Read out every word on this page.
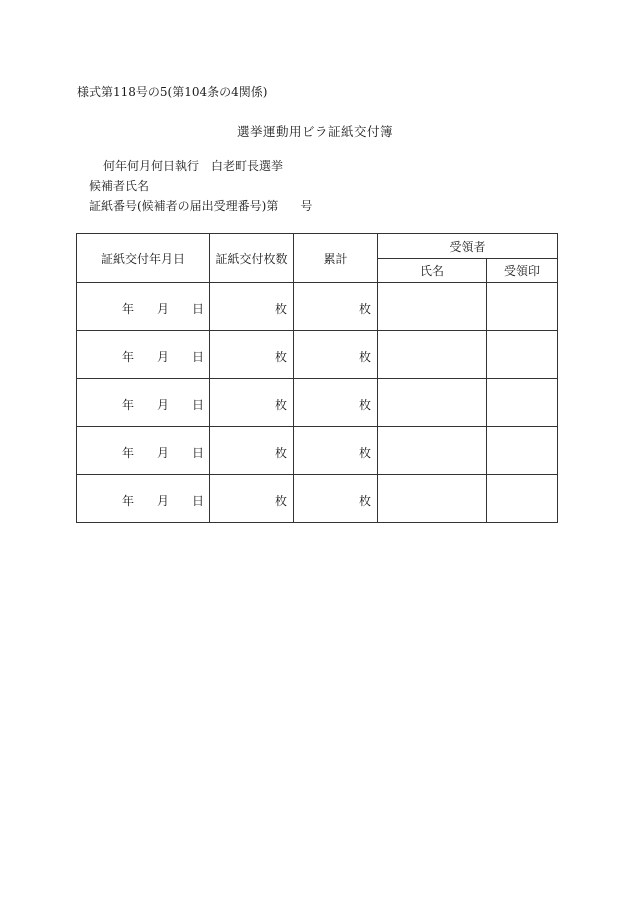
様式第118号の5(第104条の4関係)
選挙運動用ビラ証紙交付簿
何年何月何日執行 白老町長選挙
候補者氏名
証紙番号(候補者の届出受理番号)第 号
証紙交付年月日	証紙交付枚数	累計	受領者	
			氏名	受領印

年 月 日	枚	枚		

年 月 日	枚	枚		

年 月 日	枚	枚		

年 月 日	枚	枚		

年 月 日	枚	枚		
